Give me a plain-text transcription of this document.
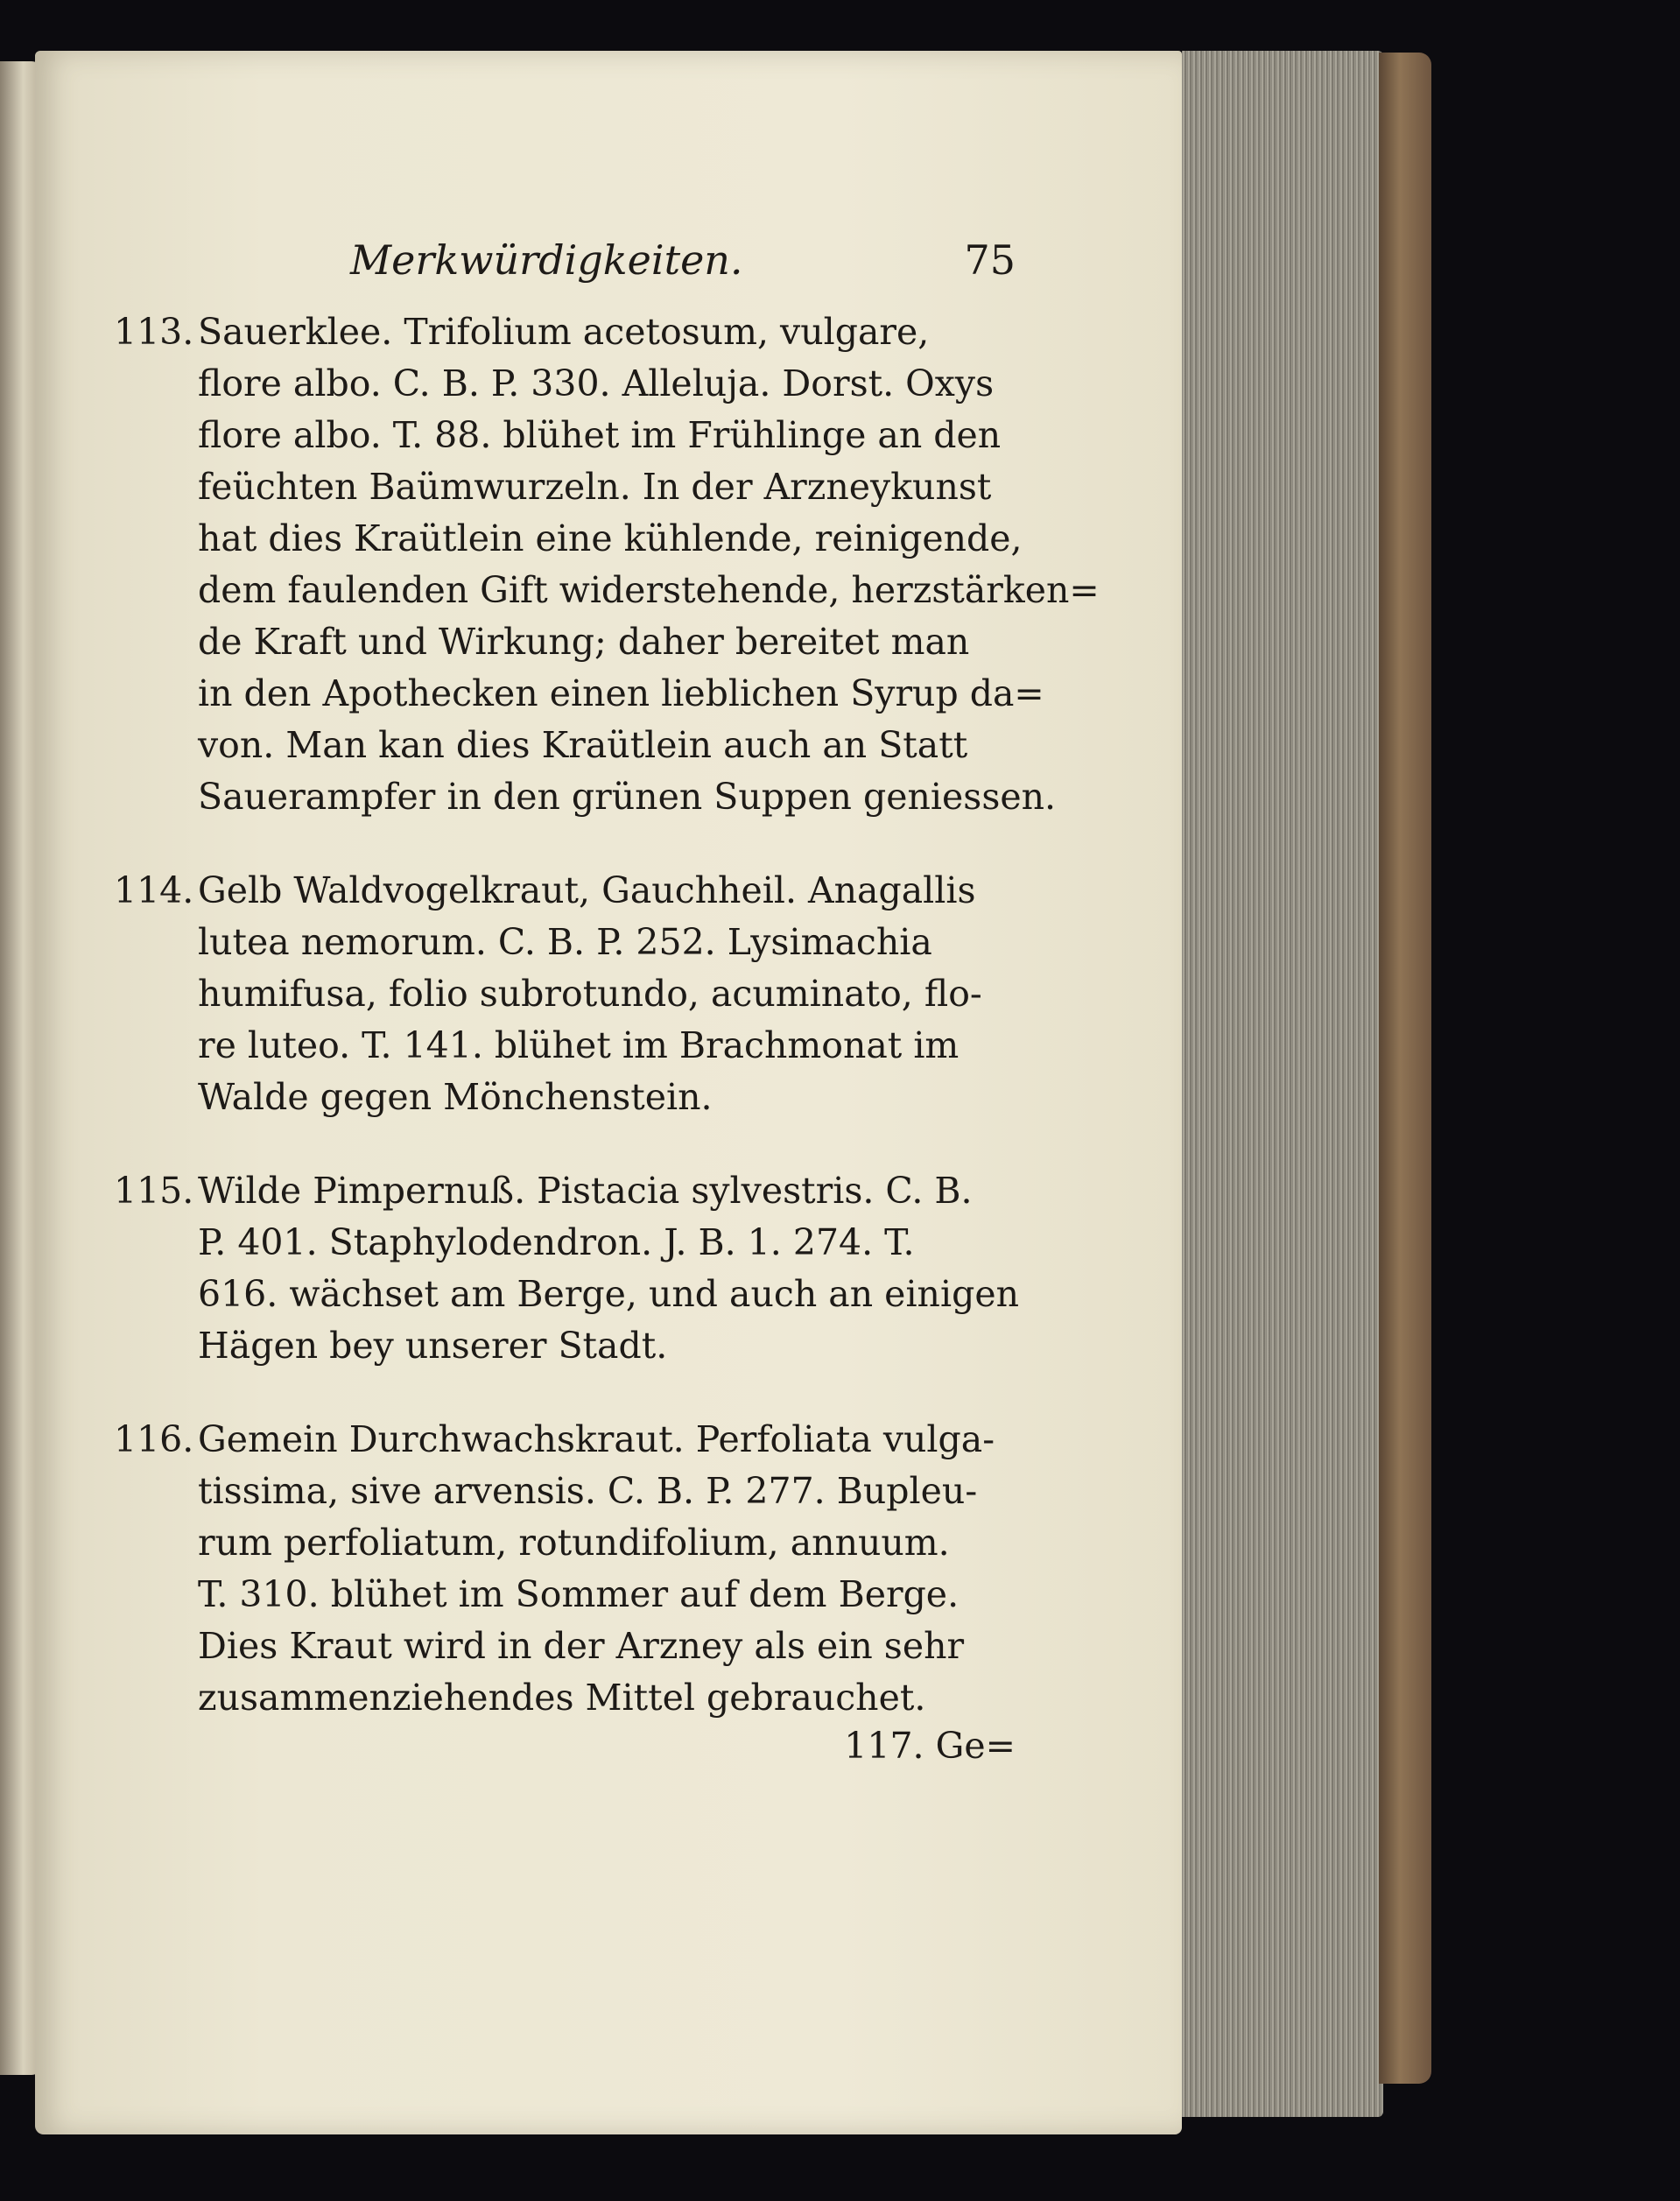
Merkwürdigkeiten.	75
113. Sauerklee. Trifolium acetosum, vulgare,
flore albo. C. B. P. 330. Alleluja. Dorst. Oxys
flore albo. T. 88. blühet im Frühlinge an den
feüchten Baümwurzeln. In der Arzneykunst
hat dies Kraütlein eine kühlende, reinigende,
dem faulenden Gift widerstehende, herzstärken=
de Kraft und Wirkung; daher bereitet man
in den Apothecken einen lieblichen Syrup da=
von. Man kan dies Kraütlein auch an Statt
Sauerampfer in den grünen Suppen geniessen.
114. Gelb Waldvogelkraut, Gauchheil. Anagallis
lutea nemorum. C. B. P. 252. Lysimachia
humifusa, folio subrotundo, acuminato, flo-
re luteo. T. 141. blühet im Brachmonat im
Walde gegen Mönchenstein.
115. Wilde Pimpernuß. Pistacia sylvestris. C. B.
P. 401. Staphylodendron. J. B. 1. 274. T.
616. wächset am Berge, und auch an einigen
Hägen bey unserer Stadt.
116. Gemein Durchwachskraut. Perfoliata vulga-
tissima, sive arvensis. C. B. P. 277. Bupleu-
rum perfoliatum, rotundifolium, annuum.
T. 310. blühet im Sommer auf dem Berge.
Dies Kraut wird in der Arzney als ein sehr
zusammenziehendes Mittel gebrauchet.
117. Ge=
